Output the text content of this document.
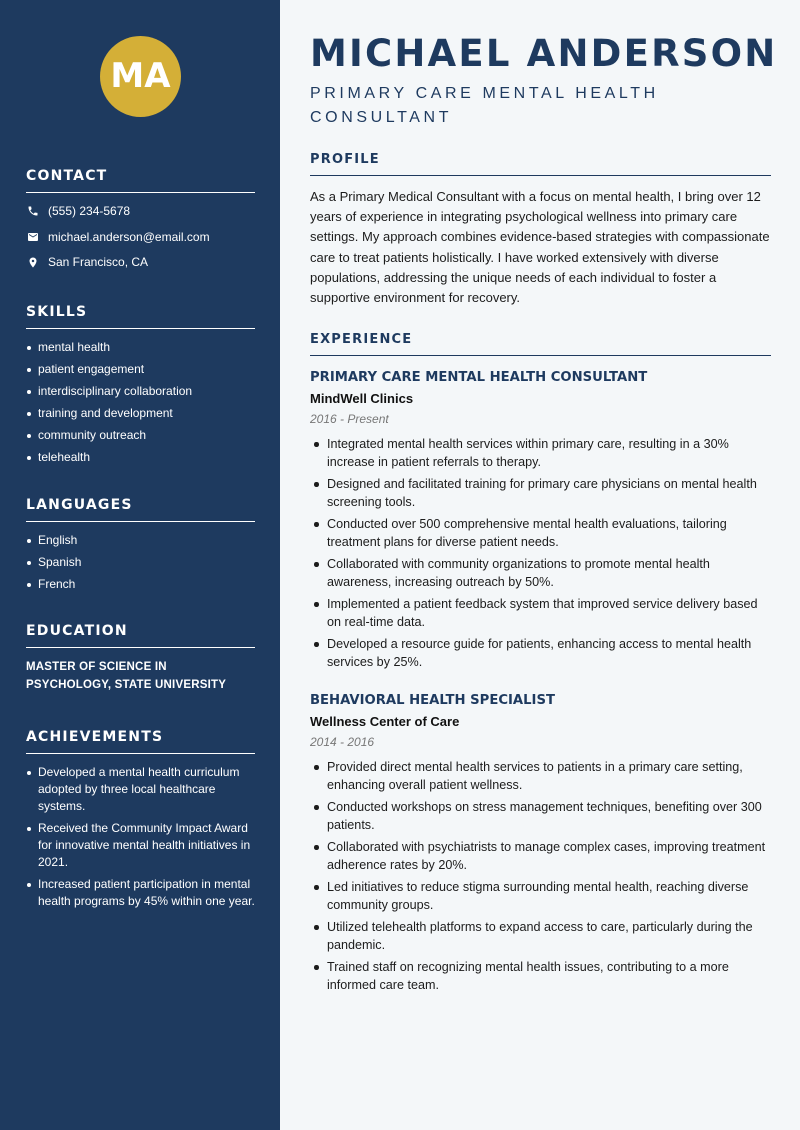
MA
CONTACT
(555) 234-5678
michael.anderson@email.com
San Francisco, CA
SKILLS
mental health
patient engagement
interdisciplinary collaboration
training and development
community outreach
telehealth
LANGUAGES
English
Spanish
French
EDUCATION

MASTER OF SCIENCE IN PSYCHOLOGY, STATE UNIVERSITY

ACHIEVEMENTS
Developed a mental health curriculum adopted by three local healthcare systems.
Received the Community Impact Award for innovative mental health initiatives in 2021.
Increased patient participation in mental health programs by 45% within one year.
MICHAEL ANDERSON
PRIMARY CARE MENTAL HEALTH CONSULTANT
PROFILE

As a Primary Medical Consultant with a focus on mental health, I bring over 12 years of experience in integrating psychological wellness into primary care settings. My approach combines evidence-based strategies with compassionate care to treat patients holistically. I have worked extensively with diverse populations, addressing the unique needs of each individual to foster a supportive environment for recovery.

EXPERIENCE
PRIMARY CARE MENTAL HEALTH CONSULTANT
MindWell Clinics
2016 - Present
Integrated mental health services within primary care, resulting in a 30% increase in patient referrals to therapy.
Designed and facilitated training for primary care physicians on mental health screening tools.
Conducted over 500 comprehensive mental health evaluations, tailoring treatment plans for diverse patient needs.
Collaborated with community organizations to promote mental health awareness, increasing outreach by 50%.
Implemented a patient feedback system that improved service delivery based on real-time data.
Developed a resource guide for patients, enhancing access to mental health services by 25%.
BEHAVIORAL HEALTH SPECIALIST
Wellness Center of Care
2014 - 2016
Provided direct mental health services to patients in a primary care setting, enhancing overall patient wellness.
Conducted workshops on stress management techniques, benefiting over 300 patients.
Collaborated with psychiatrists to manage complex cases, improving treatment adherence rates by 20%.
Led initiatives to reduce stigma surrounding mental health, reaching diverse community groups.
Utilized telehealth platforms to expand access to care, particularly during the pandemic.
Trained staff on recognizing mental health issues, contributing to a more informed care team.
